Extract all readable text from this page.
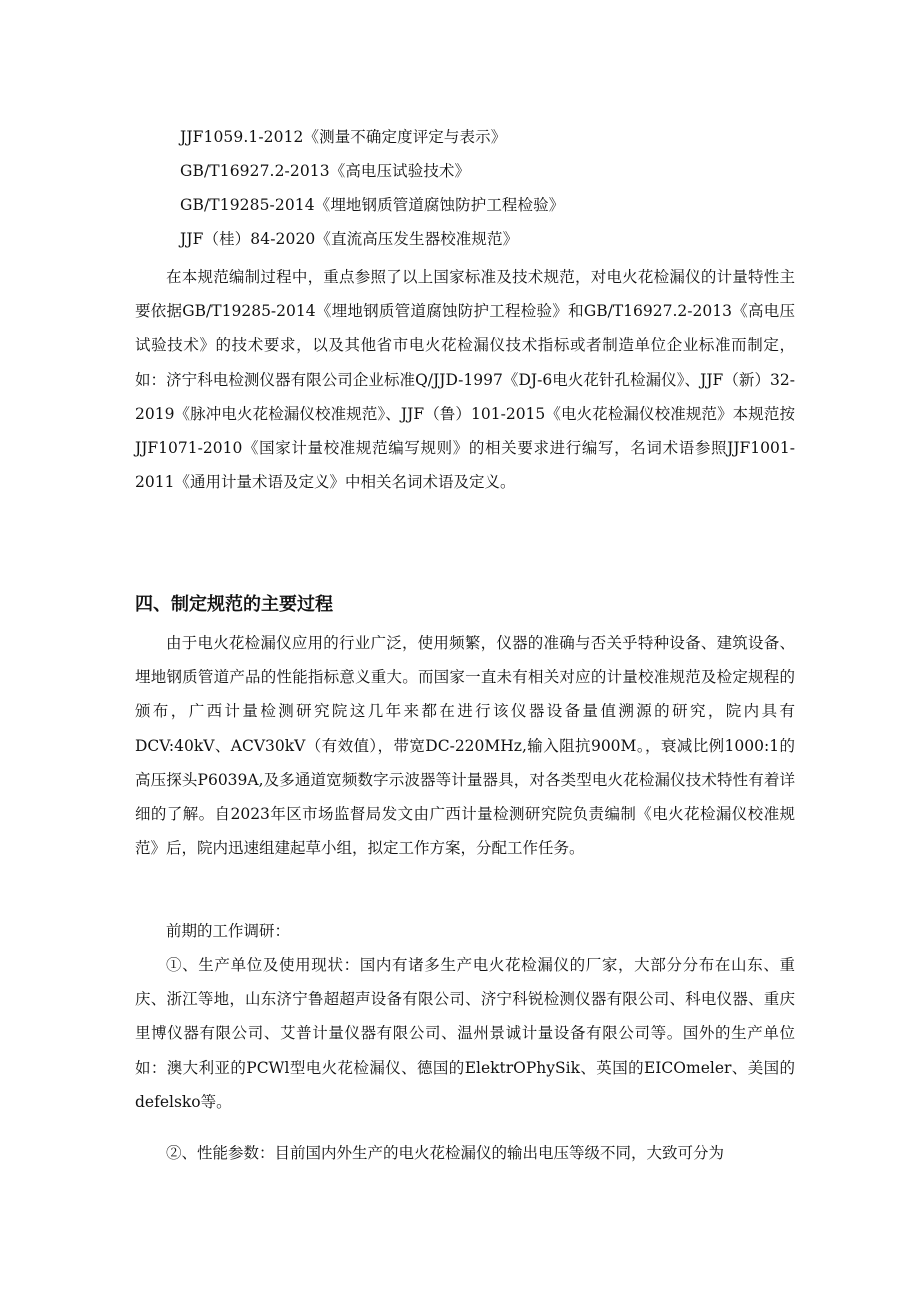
JJF1059.1-2012《测量不确定度评定与表示》
GB/T16927.2-2013《高电压试验技术》
GB/T19285-2014《埋地钢质管道腐蚀防护工程检验》
JJF（桂）84-2020《直流高压发生器校准规范》

在本规范编制过程中，重点参照了以上国家标准及技术规范，对电火花检漏仪的计量特性主要依据GB/T19285-2014《埋地钢质管道腐蚀防护工程检验》和GB/T16927.2-2013《高电压试验技术》的技术要求，以及其他省市电火花检漏仪技术指标或者制造单位企业标准而制定，如：济宁科电检测仪器有限公司企业标准Q/JJD-1997《DJ-6电火花针孔检漏仪》、JJF（新）32-2019《脉冲电火花检漏仪校准规范》、JJF（鲁）101-2015《电火花检漏仪校准规范》本规范按JJF1071-2010《国家计量校准规范编写规则》的相关要求进行编写，名词术语参照JJF1001-2011《通用计量术语及定义》中相关名词术语及定义。

四、制定规范的主要过程

由于电火花检漏仪应用的行业广泛，使用频繁，仪器的准确与否关乎特种设备、建筑设备、埋地钢质管道产品的性能指标意义重大。而国家一直未有相关对应的计量校准规范及检定规程的颁布，广西计量检测研究院这几年来都在进行该仪器设备量值溯源的研究，院内具有DCV:40kV、ACV30kV（有效值），带宽DC-220MHz,输入阻抗900M。，衰减比例1000:1的高压探头P6039A,及多通道宽频数字示波器等计量器具，对各类型电火花检漏仪技术特性有着详细的了解。自2023年区市场监督局发文由广西计量检测研究院负责编制《电火花检漏仪校准规范》后，院内迅速组建起草小组，拟定工作方案，分配工作任务。

前期的工作调研：

①、生产单位及使用现状：国内有诸多生产电火花检漏仪的厂家，大部分分布在山东、重庆、浙江等地，山东济宁鲁超超声设备有限公司、济宁科锐检测仪器有限公司、科电仪器、重庆里博仪器有限公司、艾普计量仪器有限公司、温州景诚计量设备有限公司等。国外的生产单位如：澳大利亚的PCWl型电火花检漏仪、德国的ElektrOPhySik、英国的EICOmeler、美国的defelsko等。

②、性能参数：目前国内外生产的电火花检漏仪的输出电压等级不同，大致可分为
